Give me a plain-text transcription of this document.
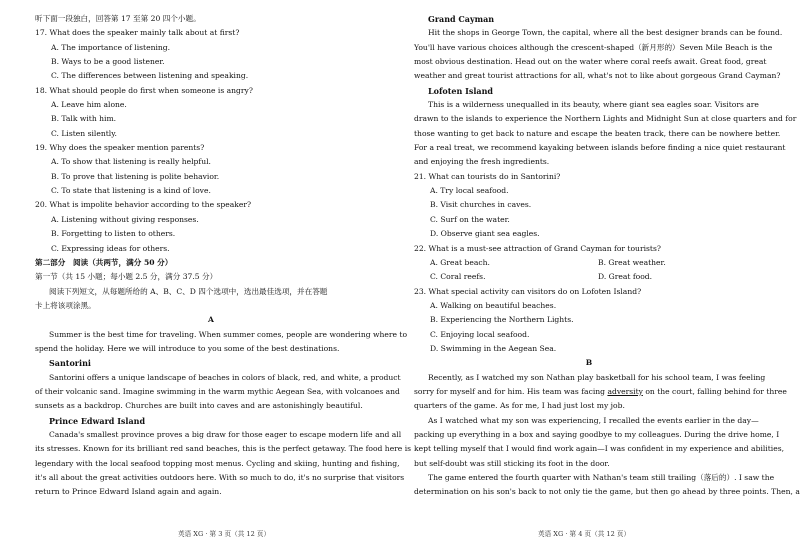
听下面一段独白，回答第 17 至第 20 四个小题。
17. What does the speaker mainly talk about at first?
A. The importance of listening.
B. Ways to be a good listener.
C. The differences between listening and speaking.
18. What should people do first when someone is angry?
A. Leave him alone.
B. Talk with him.
C. Listen silently.
19. Why does the speaker mention parents?
A. To show that listening is really helpful.
B. To prove that listening is polite behavior.
C. To state that listening is a kind of love.
20. What is impolite behavior according to the speaker?
A. Listening without giving responses.
B. Forgetting to listen to others.
C. Expressing ideas for others.
第二部分　阅读（共两节，满分 50 分）
第一节（共 15 小题；每小题 2.5 分，满分 37.5 分）
阅读下列短文，从每题所给的 A、B、C、D 四个选项中，选出最佳选项，并在答题
卡上将该项涂黑。
A
Summer is the best time for traveling. When summer comes, people are wondering where to
spend the holiday. Here we will introduce to you some of the best destinations.
Santorini
Santorini offers a unique landscape of beaches in colors of black, red, and white, a product
of their volcanic sand. Imagine swimming in the warm mythic Aegean Sea, with volcanoes and
sunsets as a backdrop. Churches are built into caves and are astonishingly beautiful.
Prince Edward Island
Canada's smallest province proves a big draw for those eager to escape modern life and all
its stresses. Known for its brilliant red sand beaches, this is the perfect getaway. The food here is
legendary with the local seafood topping most menus. Cycling and skiing, hunting and fishing,
it's all about the great activities outdoors here. With so much to do, it's no surprise that visitors
return to Prince Edward Island again and again.
Grand Cayman
Hit the shops in George Town, the capital, where all the best designer brands can be found.
You'll have various choices although the crescent-shaped（新月形的）Seven Mile Beach is the
most obvious destination. Head out on the water where coral reefs await. Great food, great
weather and great tourist attractions for all, what's not to like about gorgeous Grand Cayman?
Lofoten Island
This is a wilderness unequalled in its beauty, where giant sea eagles soar. Visitors are
drawn to the islands to experience the Northern Lights and Midnight Sun at close quarters and for
those wanting to get back to nature and escape the beaten track, there can be nowhere better.
For a real treat, we recommend kayaking between islands before finding a nice quiet restaurant
and enjoying the fresh ingredients.
21. What can tourists do in Santorini?
A. Try local seafood.
B. Visit churches in caves.
C. Surf on the water.
D. Observe giant sea eagles.
22. What is a must-see attraction of Grand Cayman for tourists?
A. Great beach.	B. Great weather.
C. Coral reefs.	D. Great food.
23. What special activity can visitors do on Lofoten Island?
A. Walking on beautiful beaches.
B. Experiencing the Northern Lights.
C. Enjoying local seafood.
D. Swimming in the Aegean Sea.
B
Recently, as I watched my son Nathan play basketball for his school team, I was feeling
sorry for myself and for him. His team was facing adversity on the court, falling behind for three
quarters of the game. As for me, I had just lost my job.
As I watched what my son was experiencing, I recalled the events earlier in the day—
packing up everything in a box and saying goodbye to my colleagues. During the drive home, I
kept telling myself that I would find work again—I was confident in my experience and abilities,
but self-doubt was still sticking its foot in the door.
The game entered the fourth quarter with Nathan's team still trailing（落后的）. I saw the
determination on his son's back to not only tie the game, but then go ahead by three points. Then, a
英语 XG · 第 3 页（共 12 页）	英语 XG · 第 4 页（共 12 页）
